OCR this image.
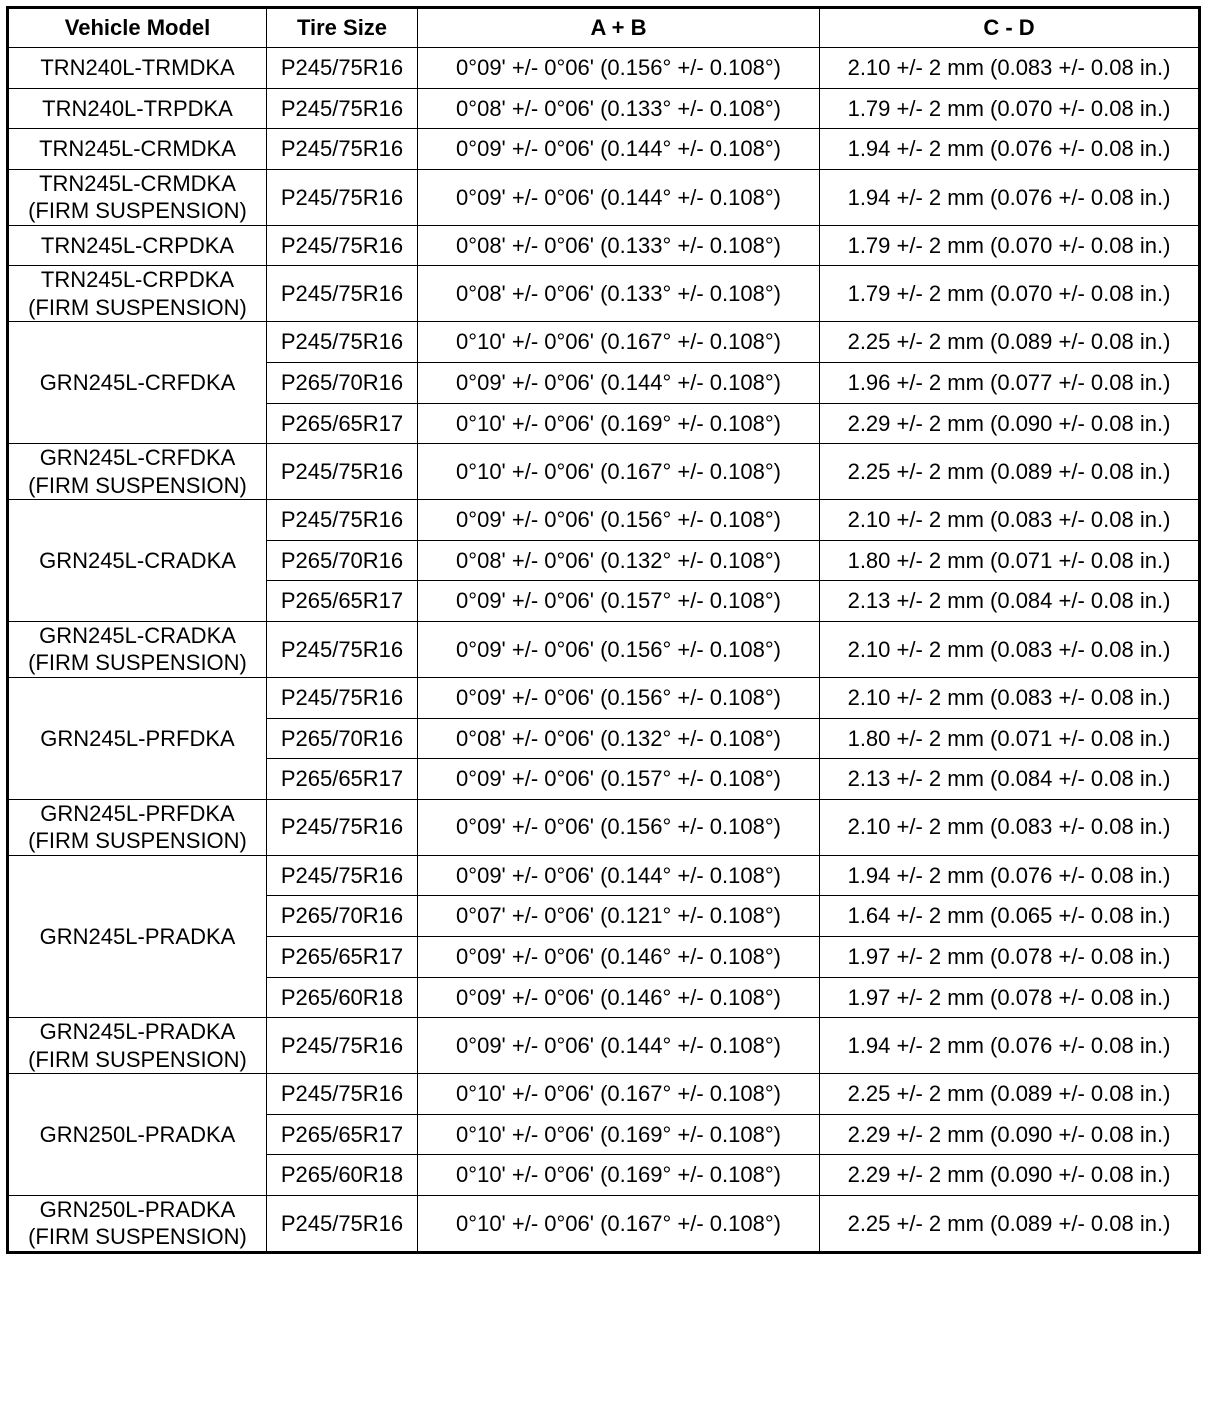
Vehicle Model	Tire Size	A + B	C - D
TRN240L-TRMDKA	P245/75R16	0°09' +/- 0°06' (0.156° +/- 0.108°)	2.10 +/- 2 mm (0.083 +/- 0.08 in.)
TRN240L-TRPDKA	P245/75R16	0°08' +/- 0°06' (0.133° +/- 0.108°)	1.79 +/- 2 mm (0.070 +/- 0.08 in.)
TRN245L-CRMDKA	P245/75R16	0°09' +/- 0°06' (0.144° +/- 0.108°)	1.94 +/- 2 mm (0.076 +/- 0.08 in.)
TRN245L-CRMDKA
(FIRM SUSPENSION)	P245/75R16	0°09' +/- 0°06' (0.144° +/- 0.108°)	1.94 +/- 2 mm (0.076 +/- 0.08 in.)
TRN245L-CRPDKA	P245/75R16	0°08' +/- 0°06' (0.133° +/- 0.108°)	1.79 +/- 2 mm (0.070 +/- 0.08 in.)
TRN245L-CRPDKA
(FIRM SUSPENSION)	P245/75R16	0°08' +/- 0°06' (0.133° +/- 0.108°)	1.79 +/- 2 mm (0.070 +/- 0.08 in.)
GRN245L-CRFDKA	P245/75R16	0°10' +/- 0°06' (0.167° +/- 0.108°)	2.25 +/- 2 mm (0.089 +/- 0.08 in.)
	P265/70R16	0°09' +/- 0°06' (0.144° +/- 0.108°)	1.96 +/- 2 mm (0.077 +/- 0.08 in.)
	P265/65R17	0°10' +/- 0°06' (0.169° +/- 0.108°)	2.29 +/- 2 mm (0.090 +/- 0.08 in.)
GRN245L-CRFDKA
(FIRM SUSPENSION)	P245/75R16	0°10' +/- 0°06' (0.167° +/- 0.108°)	2.25 +/- 2 mm (0.089 +/- 0.08 in.)
GRN245L-CRADKA	P245/75R16	0°09' +/- 0°06' (0.156° +/- 0.108°)	2.10 +/- 2 mm (0.083 +/- 0.08 in.)
	P265/70R16	0°08' +/- 0°06' (0.132° +/- 0.108°)	1.80 +/- 2 mm (0.071 +/- 0.08 in.)
	P265/65R17	0°09' +/- 0°06' (0.157° +/- 0.108°)	2.13 +/- 2 mm (0.084 +/- 0.08 in.)
GRN245L-CRADKA
(FIRM SUSPENSION)	P245/75R16	0°09' +/- 0°06' (0.156° +/- 0.108°)	2.10 +/- 2 mm (0.083 +/- 0.08 in.)
GRN245L-PRFDKA	P245/75R16	0°09' +/- 0°06' (0.156° +/- 0.108°)	2.10 +/- 2 mm (0.083 +/- 0.08 in.)
	P265/70R16	0°08' +/- 0°06' (0.132° +/- 0.108°)	1.80 +/- 2 mm (0.071 +/- 0.08 in.)
	P265/65R17	0°09' +/- 0°06' (0.157° +/- 0.108°)	2.13 +/- 2 mm (0.084 +/- 0.08 in.)
GRN245L-PRFDKA
(FIRM SUSPENSION)	P245/75R16	0°09' +/- 0°06' (0.156° +/- 0.108°)	2.10 +/- 2 mm (0.083 +/- 0.08 in.)
GRN245L-PRADKA	P245/75R16	0°09' +/- 0°06' (0.144° +/- 0.108°)	1.94 +/- 2 mm (0.076 +/- 0.08 in.)
	P265/70R16	0°07' +/- 0°06' (0.121° +/- 0.108°)	1.64 +/- 2 mm (0.065 +/- 0.08 in.)
	P265/65R17	0°09' +/- 0°06' (0.146° +/- 0.108°)	1.97 +/- 2 mm (0.078 +/- 0.08 in.)
	P265/60R18	0°09' +/- 0°06' (0.146° +/- 0.108°)	1.97 +/- 2 mm (0.078 +/- 0.08 in.)
GRN245L-PRADKA
(FIRM SUSPENSION)	P245/75R16	0°09' +/- 0°06' (0.144° +/- 0.108°)	1.94 +/- 2 mm (0.076 +/- 0.08 in.)
GRN250L-PRADKA	P245/75R16	0°10' +/- 0°06' (0.167° +/- 0.108°)	2.25 +/- 2 mm (0.089 +/- 0.08 in.)
	P265/65R17	0°10' +/- 0°06' (0.169° +/- 0.108°)	2.29 +/- 2 mm (0.090 +/- 0.08 in.)
	P265/60R18	0°10' +/- 0°06' (0.169° +/- 0.108°)	2.29 +/- 2 mm (0.090 +/- 0.08 in.)
GRN250L-PRADKA
(FIRM SUSPENSION)	P245/75R16	0°10' +/- 0°06' (0.167° +/- 0.108°)	2.25 +/- 2 mm (0.089 +/- 0.08 in.)
